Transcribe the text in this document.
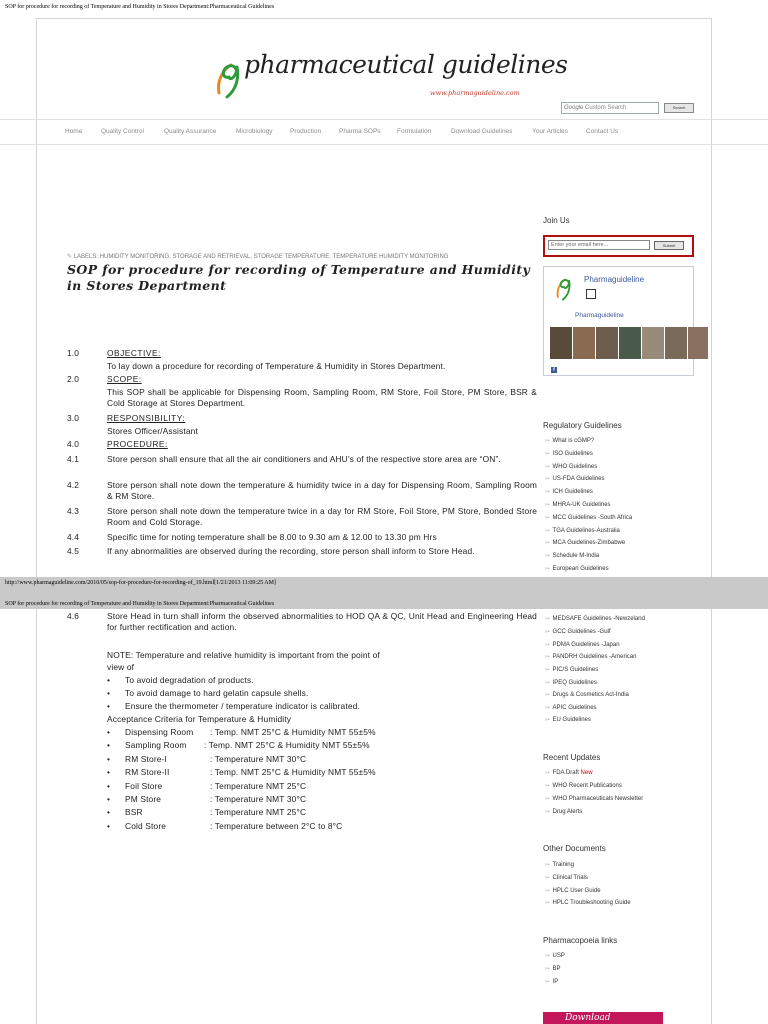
SOP for procedure for recording of Temperature and Humidity in Stores Department:Pharmaceutical Guidelines
pharmaceutical guidelines
www.pharmaguideline.com
Google Custom Search	Search
Home	Quality Control	Quality Assurance	Microbiology	Production	Pharma SOPs	Formulation	Download Guidelines	Your Articles	Contact Us
✎ LABELS: HUMIDITY MONITORING, STORAGE AND RETRIEVAL, STORAGE TEMPERATURE, TEMPERATURE HUMIDITY MONITORING
SOP for procedure for recording of Temperature and Humidity in Stores Department
1.0	OBJECTIVE:
To lay down a procedure for recording of Temperature & Humidity in Stores Department.
2.0	SCOPE:
This SOP shall be applicable for Dispensing Room, Sampling Room, RM Store, Foil Store, PM Store, BSR & Cold Storage at Stores Department.
3.0	RESPONSIBILITY:
Stores Officer/Assistant
4.0	PROCEDURE:
4.1	Store person shall ensure that all the air conditioners and AHU’s of the respective store area are “ON”.
4.2	Store person shall note down the temperature & humidity twice in a day for Dispensing Room, Sampling Room & RM Store.
4.3	Store person shall note down the temperature twice in a day for RM Store, Foil Store, PM Store, Bonded Store Room and Cold Storage.
4.4	Specific time for noting temperature shall be 8.00 to 9.30 am & 12.00 to 13.30 pm Hrs
4.5	If any abnormalities are observed during the recording, store person shall inform to Store Head.
Join Us
Enter your email here...	Submit
Pharmaguideline
Pharmaguideline
f
Regulatory Guidelines
»• What is cGMP?
»• ISO Guidelines
»• WHO Guidelines
»• US-FDA Guidelines
»• ICH Guidelines
»• MHRA-UK Guidelines
»• MCC Guidelines -South Africa
»• TGA Guidelines-Australia
»• MCA Guidelines-Zimbabwe
»• Schedule M-India
»• European Guidelines
http://www.pharmaguideline.com/2010/05/sop-for-procedure-for-recording-of_19.html[1/21/2013 11:09:25 AM]
SOP for procedure for recording of Temperature and Humidity in Stores Department:Pharmaceutical Guidelines
4.6	Store Head in turn shall inform the observed abnormalities to HOD QA & QC, Unit Head and Engineering Head for further rectification and action.
NOTE: Temperature and relative humidity is important from the point of
view of
• To avoid degradation of products.
• To avoid damage to hard gelatin capsule shells.
• Ensure the thermometer / temperature indicator is calibrated.
Acceptance Criteria for Temperature & Humidity
• Dispensing Room : Temp. NMT 25°C & Humidity NMT 55±5%
• Sampling Room : Temp. NMT 25°C & Humidity NMT 55±5%
• RM Store-I	: Temperature NMT 30°C
• RM Store-II	: Temp. NMT 25°C & Humidity NMT 55±5%
• Foil Store	: Temperature NMT 25°C
• PM Store	: Temperature NMT 30°C
• BSR	: Temperature NMT 25°C
• Cold Store	: Temperature between 2°C to 8°C
»• MEDSAFE Guidelines -Newzeland
»• GCC Guidelines -Gulf
»• PDMA Guidelines -Japan
»• PANDRH Guidelines -American
»• PIC/S Guidelines
»• IPEQ Guidelines
»• Drugs & Cosmetics Act-India
»• APIC Guidelines
»• EU Guidelines
Recent Updates
»• FDA Draft New
»• WHO Recent Publications
»• WHO Pharmaceuticals Newsletter
»• Drug Alerts
Other Documents
»• Training
»• Clinical Trials
»• HPLC User Guide
»• HPLC Troubleshooting Guide
Pharmacopoeia links
»• USP
»• BP
»• IP
Download
